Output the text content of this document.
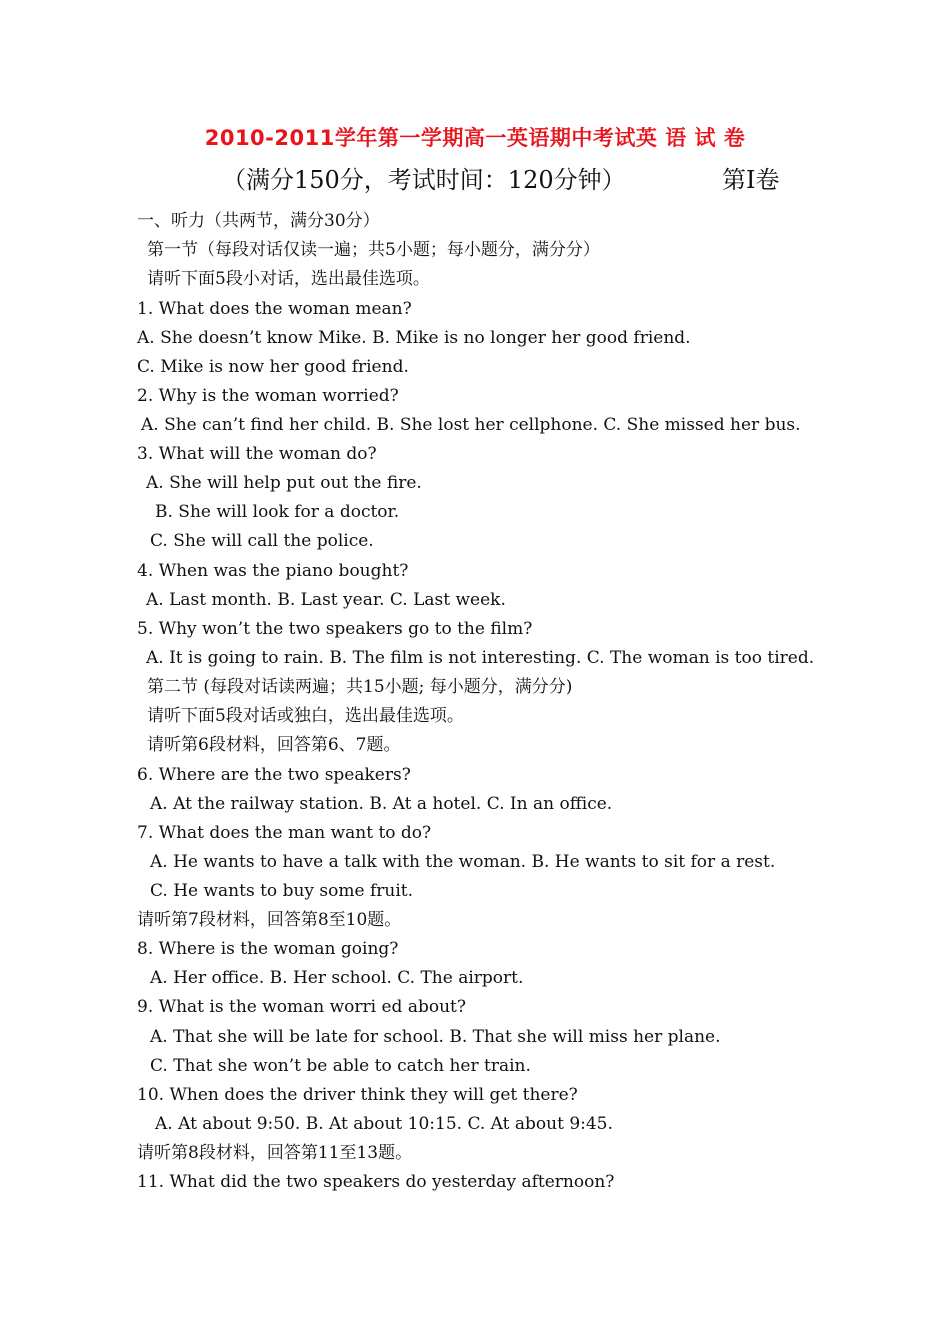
2010-2011学年第一学期高一英语期中考试英 语 试 卷
（满分150分，考试时间：120分钟）	第I卷
一、听力（共两节，满分30分）
第一节（每段对话仅读一遍；共5小题；每小题分，满分分）
请听下面5段小对话，选出最佳选项。
1. What does the woman mean?
A. She doesn’t know Mike. B. Mike is no longer her good friend.
C. Mike is now her good friend.
2. Why is the woman worried?
A. She can’t find her child. B. She lost her cellphone. C. She missed her bus.
3. What will the woman do?
A. She will help put out the fire.
B. She will look for a doctor.
C. She will call the police.
4. When was the piano bought?
A. Last month. B. Last year. C. Last week.
5. Why won’t the two speakers go to the film?
A. It is going to rain. B. The film is not interesting. C. The woman is too tired.
第二节 (每段对话读两遍；共15小题; 每小题分，满分分)
请听下面5段对话或独白，选出最佳选项。
请听第6段材料，回答第6、7题。
6. Where are the two speakers?
A. At the railway station. B. At a hotel. C. In an office.
7. What does the man want to do?
A. He wants to have a talk with the woman. B. He wants to sit for a rest.
C. He wants to buy some fruit.
请听第7段材料，回答第8至10题。
8. Where is the woman going?
A. Her office. B. Her school. C. The airport.
9. What is the woman worri ed about?
A. That she will be late for school. B. That she will miss her plane.
C. That she won’t be able to catch her train.
10. When does the driver think they will get there?
A. At about 9:50. B. At about 10:15. C. At about 9:45.
请听第8段材料，回答第11至13题。
11. What did the two speakers do yesterday afternoon?
